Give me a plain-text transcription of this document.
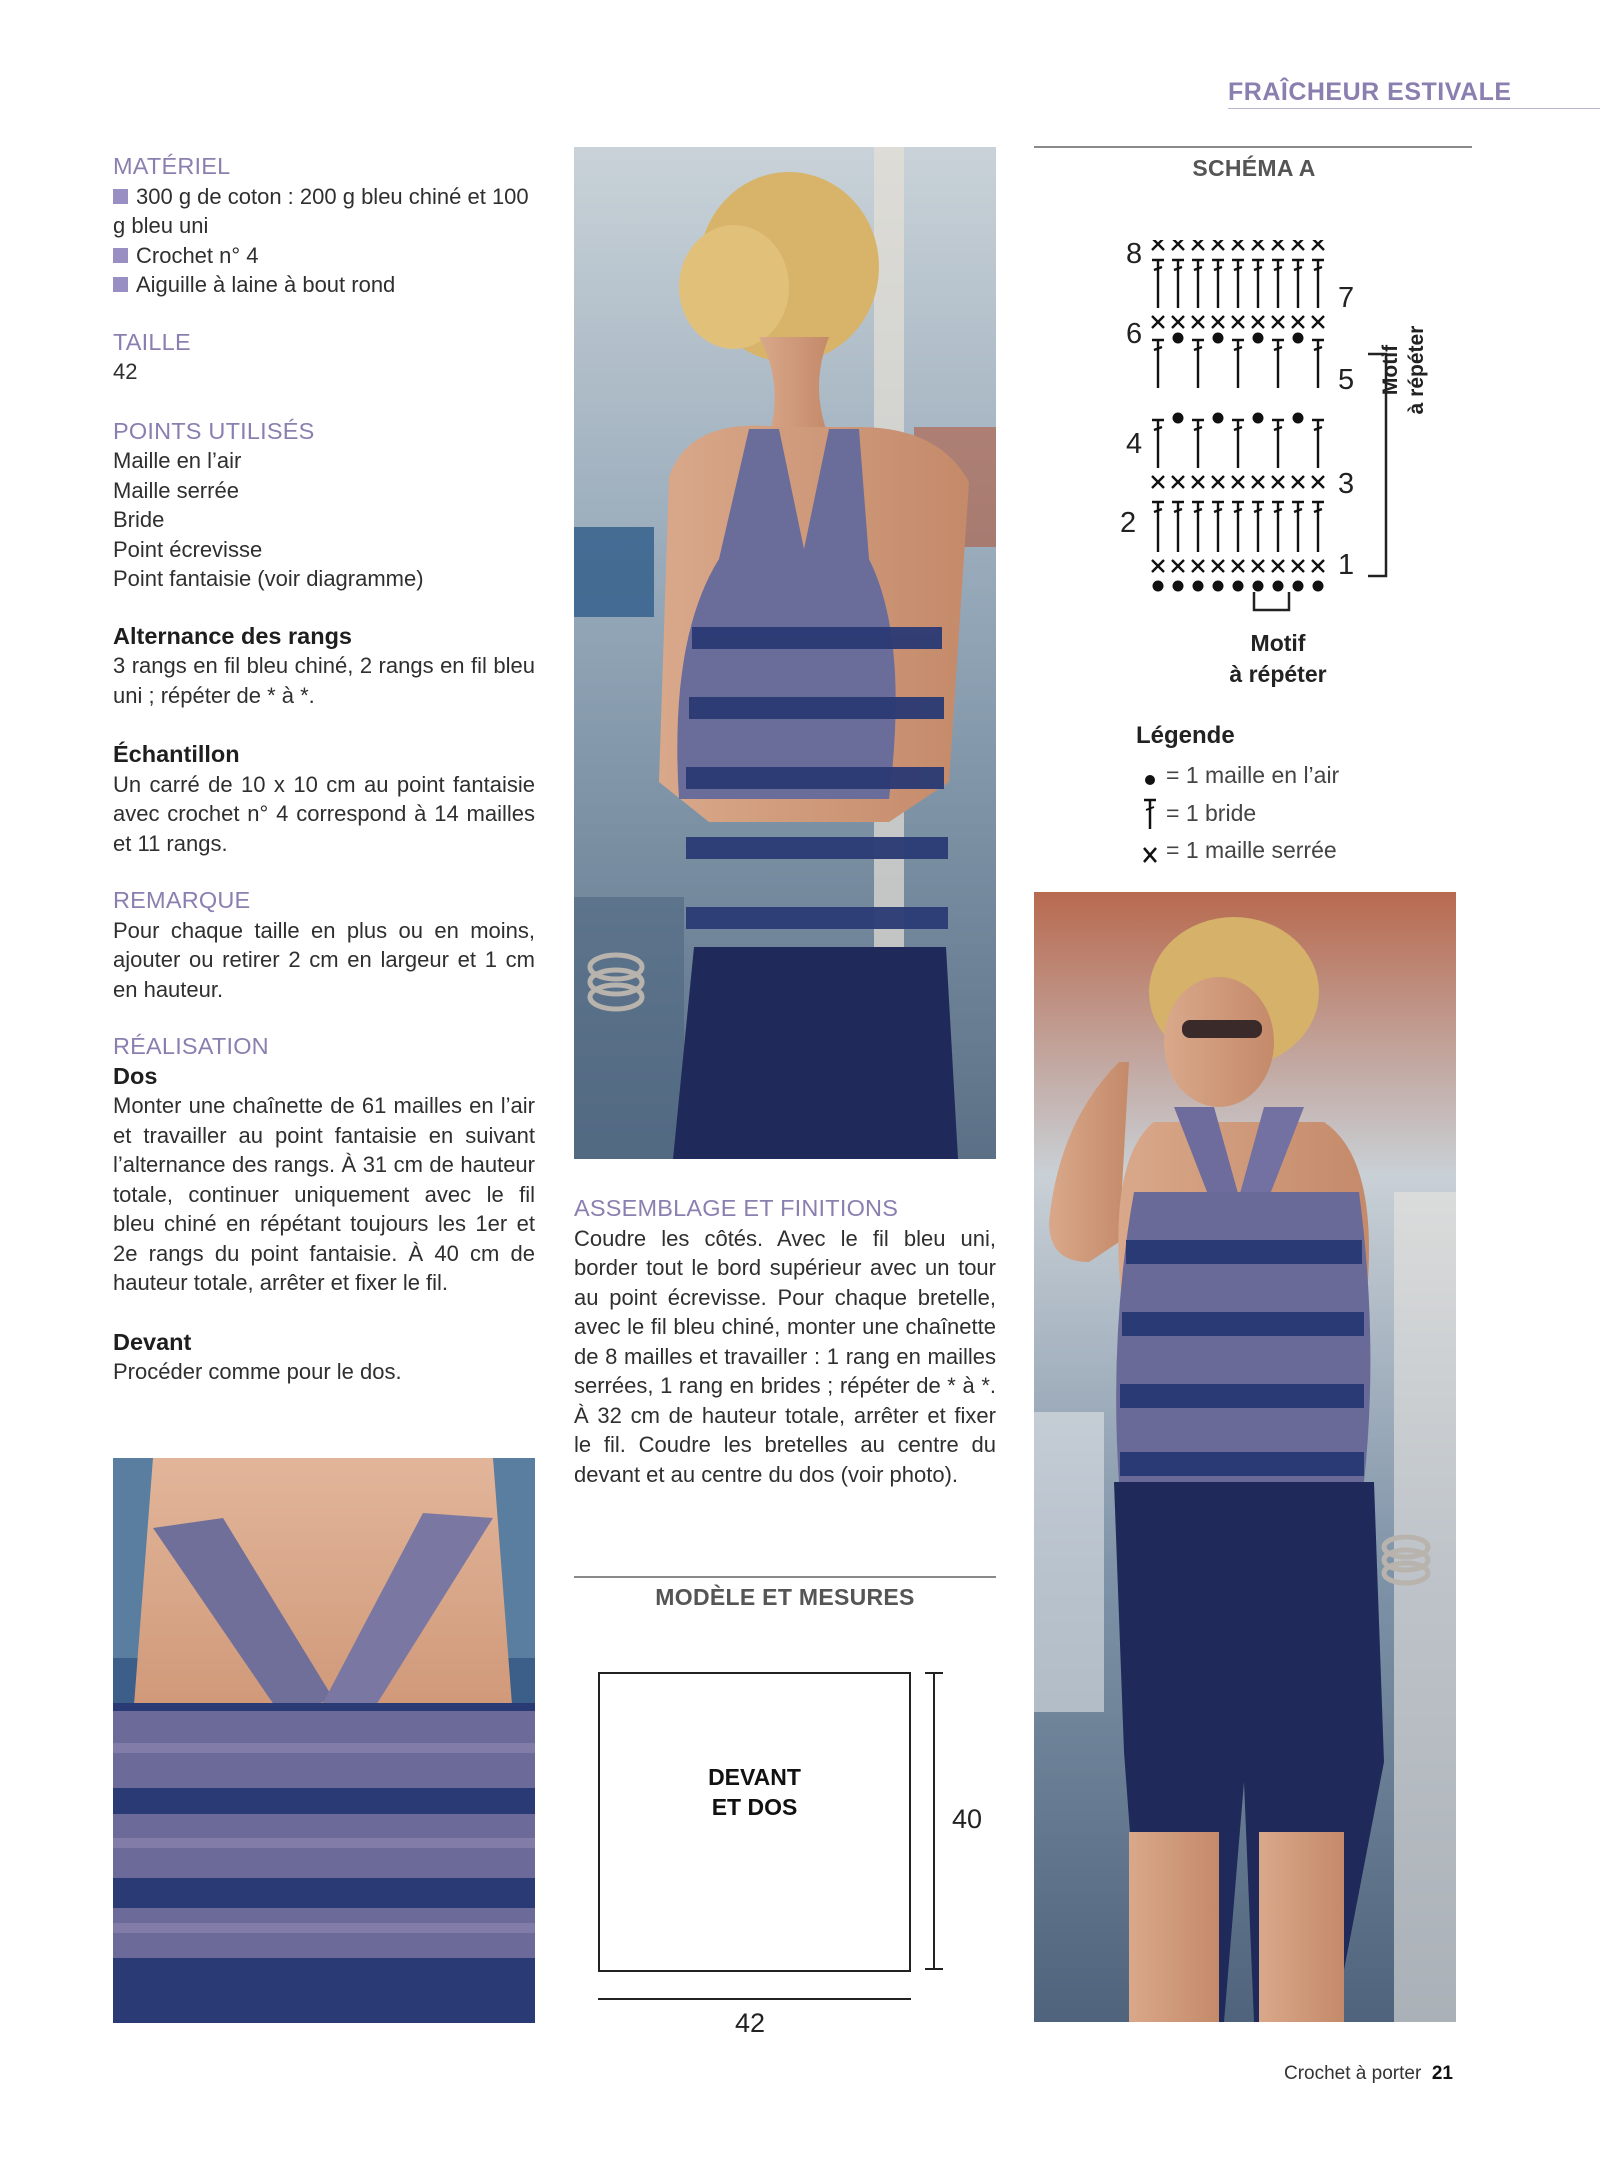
FRAÎCHEUR ESTIVALE
MATÉRIEL

300 g de coton : 200 g bleu chiné et 100 g bleu uni

Crochet n° 4

Aiguille à laine à bout rond

TAILLE

42

POINTS UTILISÉS

Maille en l’air

Maille serrée

Bride

Point écrevisse

Point fantaisie (voir diagramme)

Alternance des rangs

3 rangs en fil bleu chiné, 2 rangs en fil bleu uni ; répéter de * à *.

Échantillon

Un carré de 10 x 10 cm au point fantaisie avec crochet n° 4 correspond à 14 mailles et 11 rangs.

REMARQUE

Pour chaque taille en plus ou en moins, ajouter ou retirer 2 cm en largeur et 1 cm en hauteur.

RÉALISATION
Dos

Monter une chaînette de 61 mailles en l’air et travailler au point fantaisie en suivant l’alternance des rangs. À 31 cm de hauteur totale, continuer uniquement avec le fil bleu chiné en répétant toujours les 1er et 2e rangs du point fantaisie. À 40 cm de hauteur totale, arrêter et fixer le fil.

Devant

Procéder comme pour le dos.

ASSEMBLAGE ET FINITIONS

Coudre les côtés. Avec le fil bleu uni, border tout le bord supérieur avec un tour au point écrevisse. Pour chaque bretelle, avec le fil bleu chiné, monter une chaînette de 8 mailles et travailler : 1 rang en mailles serrées, 1 rang en brides ; répéter de * à *. À 32 cm de hauteur totale, arrêter et fixer le fil. Coudre les bretelles au centre du devant et au centre du dos (voir photo).

MODÈLE ET MESURES
DEVANT
ET DOS	40
42
SCHÉMA A
8
7
6
5
4
3
2
1
Motif à répéter
Motif
à répéter
Légende
= 1 maille en l’air
= 1 bride
= 1 maille serrée
Crochet à porter 21
